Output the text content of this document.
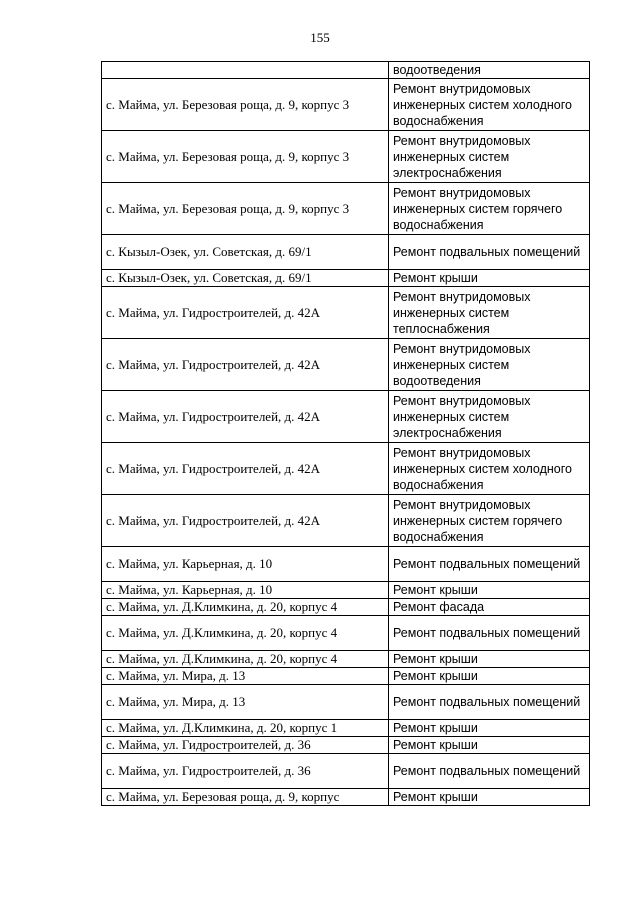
155
	водоотведения
с. Майма, ул. Березовая роща, д. 9, корпус 3	Ремонт внутридомовых инженерных систем холодного водоснабжения
с. Майма, ул. Березовая роща, д. 9, корпус 3	Ремонт внутридомовых инженерных систем электроснабжения
с. Майма, ул. Березовая роща, д. 9, корпус 3	Ремонт внутридомовых инженерных систем горячего водоснабжения
с. Кызыл-Озек, ул. Советская, д. 69/1	Ремонт подвальных помещений
с. Кызыл-Озек, ул. Советская, д. 69/1	Ремонт крыши
с. Майма, ул. Гидростроителей, д. 42А	Ремонт внутридомовых инженерных систем теплоснабжения
с. Майма, ул. Гидростроителей, д. 42А	Ремонт внутридомовых инженерных систем водоотведения
с. Майма, ул. Гидростроителей, д. 42А	Ремонт внутридомовых инженерных систем электроснабжения
с. Майма, ул. Гидростроителей, д. 42А	Ремонт внутридомовых инженерных систем холодного водоснабжения
с. Майма, ул. Гидростроителей, д. 42А	Ремонт внутридомовых инженерных систем горячего водоснабжения
с. Майма, ул. Карьерная, д. 10	Ремонт подвальных помещений
с. Майма, ул. Карьерная, д. 10	Ремонт крыши
с. Майма, ул. Д.Климкина, д. 20, корпус 4	Ремонт фасада
с. Майма, ул. Д.Климкина, д. 20, корпус 4	Ремонт подвальных помещений
с. Майма, ул. Д.Климкина, д. 20, корпус 4	Ремонт крыши
с. Майма, ул. Мира, д. 13	Ремонт крыши
с. Майма, ул. Мира, д. 13	Ремонт подвальных помещений
с. Майма, ул. Д.Климкина, д. 20, корпус 1	Ремонт крыши
с. Майма, ул. Гидростроителей, д. 36	Ремонт крыши
с. Майма, ул. Гидростроителей, д. 36	Ремонт подвальных помещений
с. Майма, ул. Березовая роща, д. 9, корпус	Ремонт крыши
